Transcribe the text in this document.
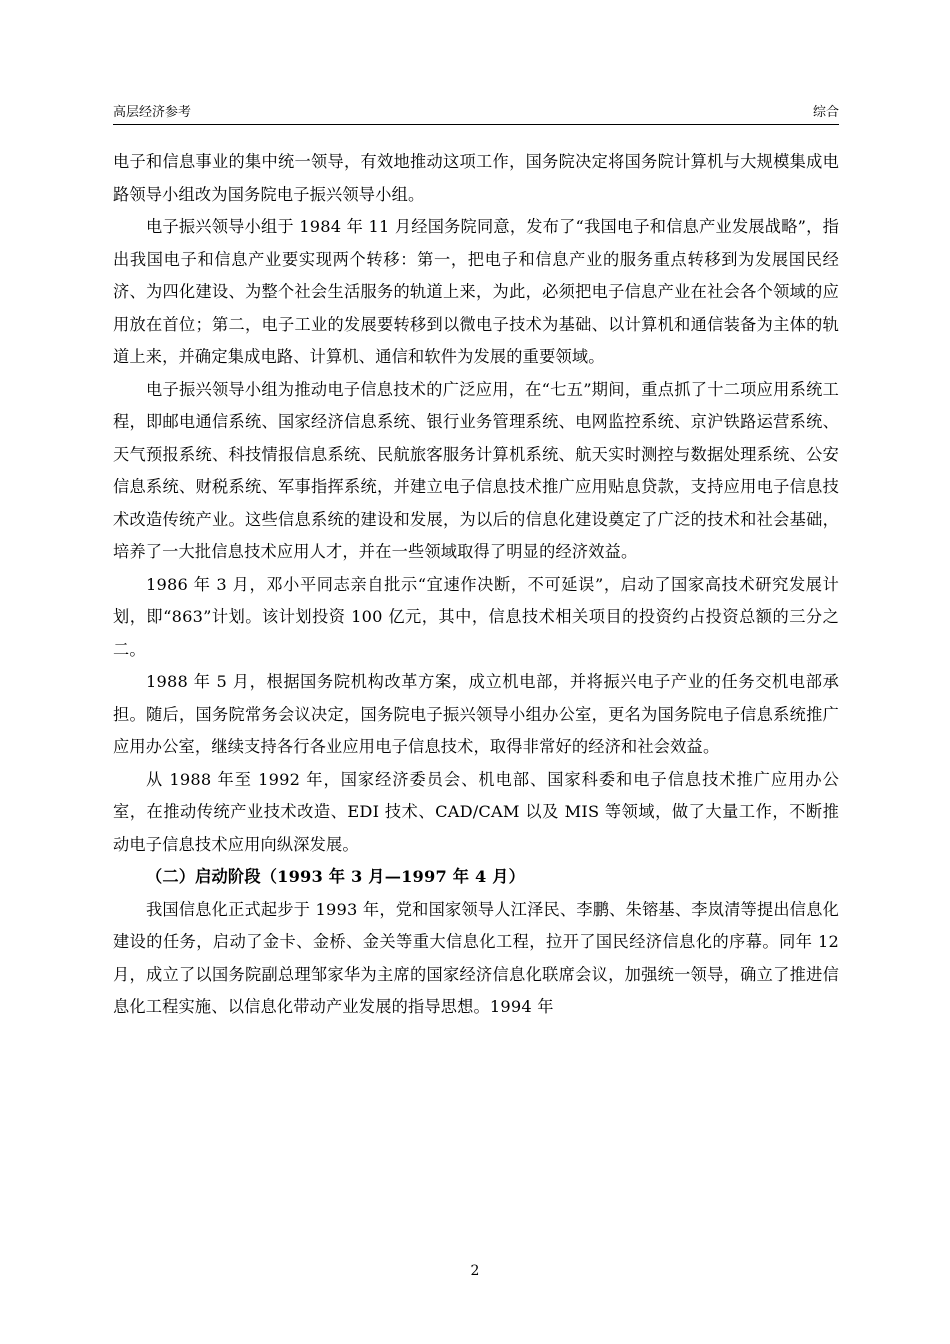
高层经济参考	综合

电子和信息事业的集中统一领导，有效地推动这项工作，国务院决定将国务院计算机与大规模集成电路领导小组改为国务院电子振兴领导小组。

电子振兴领导小组于 1984 年 11 月经国务院同意，发布了“我国电子和信息产业发展战略”，指出我国电子和信息产业要实现两个转移：第一，把电子和信息产业的服务重点转移到为发展国民经济、为四化建设、为整个社会生活服务的轨道上来，为此，必须把电子信息产业在社会各个领域的应用放在首位；第二，电子工业的发展要转移到以微电子技术为基础、以计算机和通信装备为主体的轨道上来，并确定集成电路、计算机、通信和软件为发展的重要领域。

电子振兴领导小组为推动电子信息技术的广泛应用，在“七五”期间，重点抓了十二项应用系统工程，即邮电通信系统、国家经济信息系统、银行业务管理系统、电网监控系统、京沪铁路运营系统、天气预报系统、科技情报信息系统、民航旅客服务计算机系统、航天实时测控与数据处理系统、公安信息系统、财税系统、军事指挥系统，并建立电子信息技术推广应用贴息贷款，支持应用电子信息技术改造传统产业。这些信息系统的建设和发展，为以后的信息化建设奠定了广泛的技术和社会基础，培养了一大批信息技术应用人才，并在一些领域取得了明显的经济效益。

1986 年 3 月，邓小平同志亲自批示“宜速作决断，不可延误”，启动了国家高技术研究发展计划，即“863”计划。该计划投资 100 亿元，其中，信息技术相关项目的投资约占投资总额的三分之二。

1988 年 5 月，根据国务院机构改革方案，成立机电部，并将振兴电子产业的任务交机电部承担。随后，国务院常务会议决定，国务院电子振兴领导小组办公室，更名为国务院电子信息系统推广应用办公室，继续支持各行各业应用电子信息技术，取得非常好的经济和社会效益。

从 1988 年至 1992 年，国家经济委员会、机电部、国家科委和电子信息技术推广应用办公室，在推动传统产业技术改造、EDI 技术、CAD/CAM 以及 MIS 等领域，做了大量工作，不断推动电子信息技术应用向纵深发展。

（二）启动阶段（1993 年 3 月—1997 年 4 月）

我国信息化正式起步于 1993 年，党和国家领导人江泽民、李鹏、朱镕基、李岚清等提出信息化建设的任务，启动了金卡、金桥、金关等重大信息化工程，拉开了国民经济信息化的序幕。同年 12 月，成立了以国务院副总理邹家华为主席的国家经济信息化联席会议，加强统一领导，确立了推进信息化工程实施、以信息化带动产业发展的指导思想。1994 年

2
